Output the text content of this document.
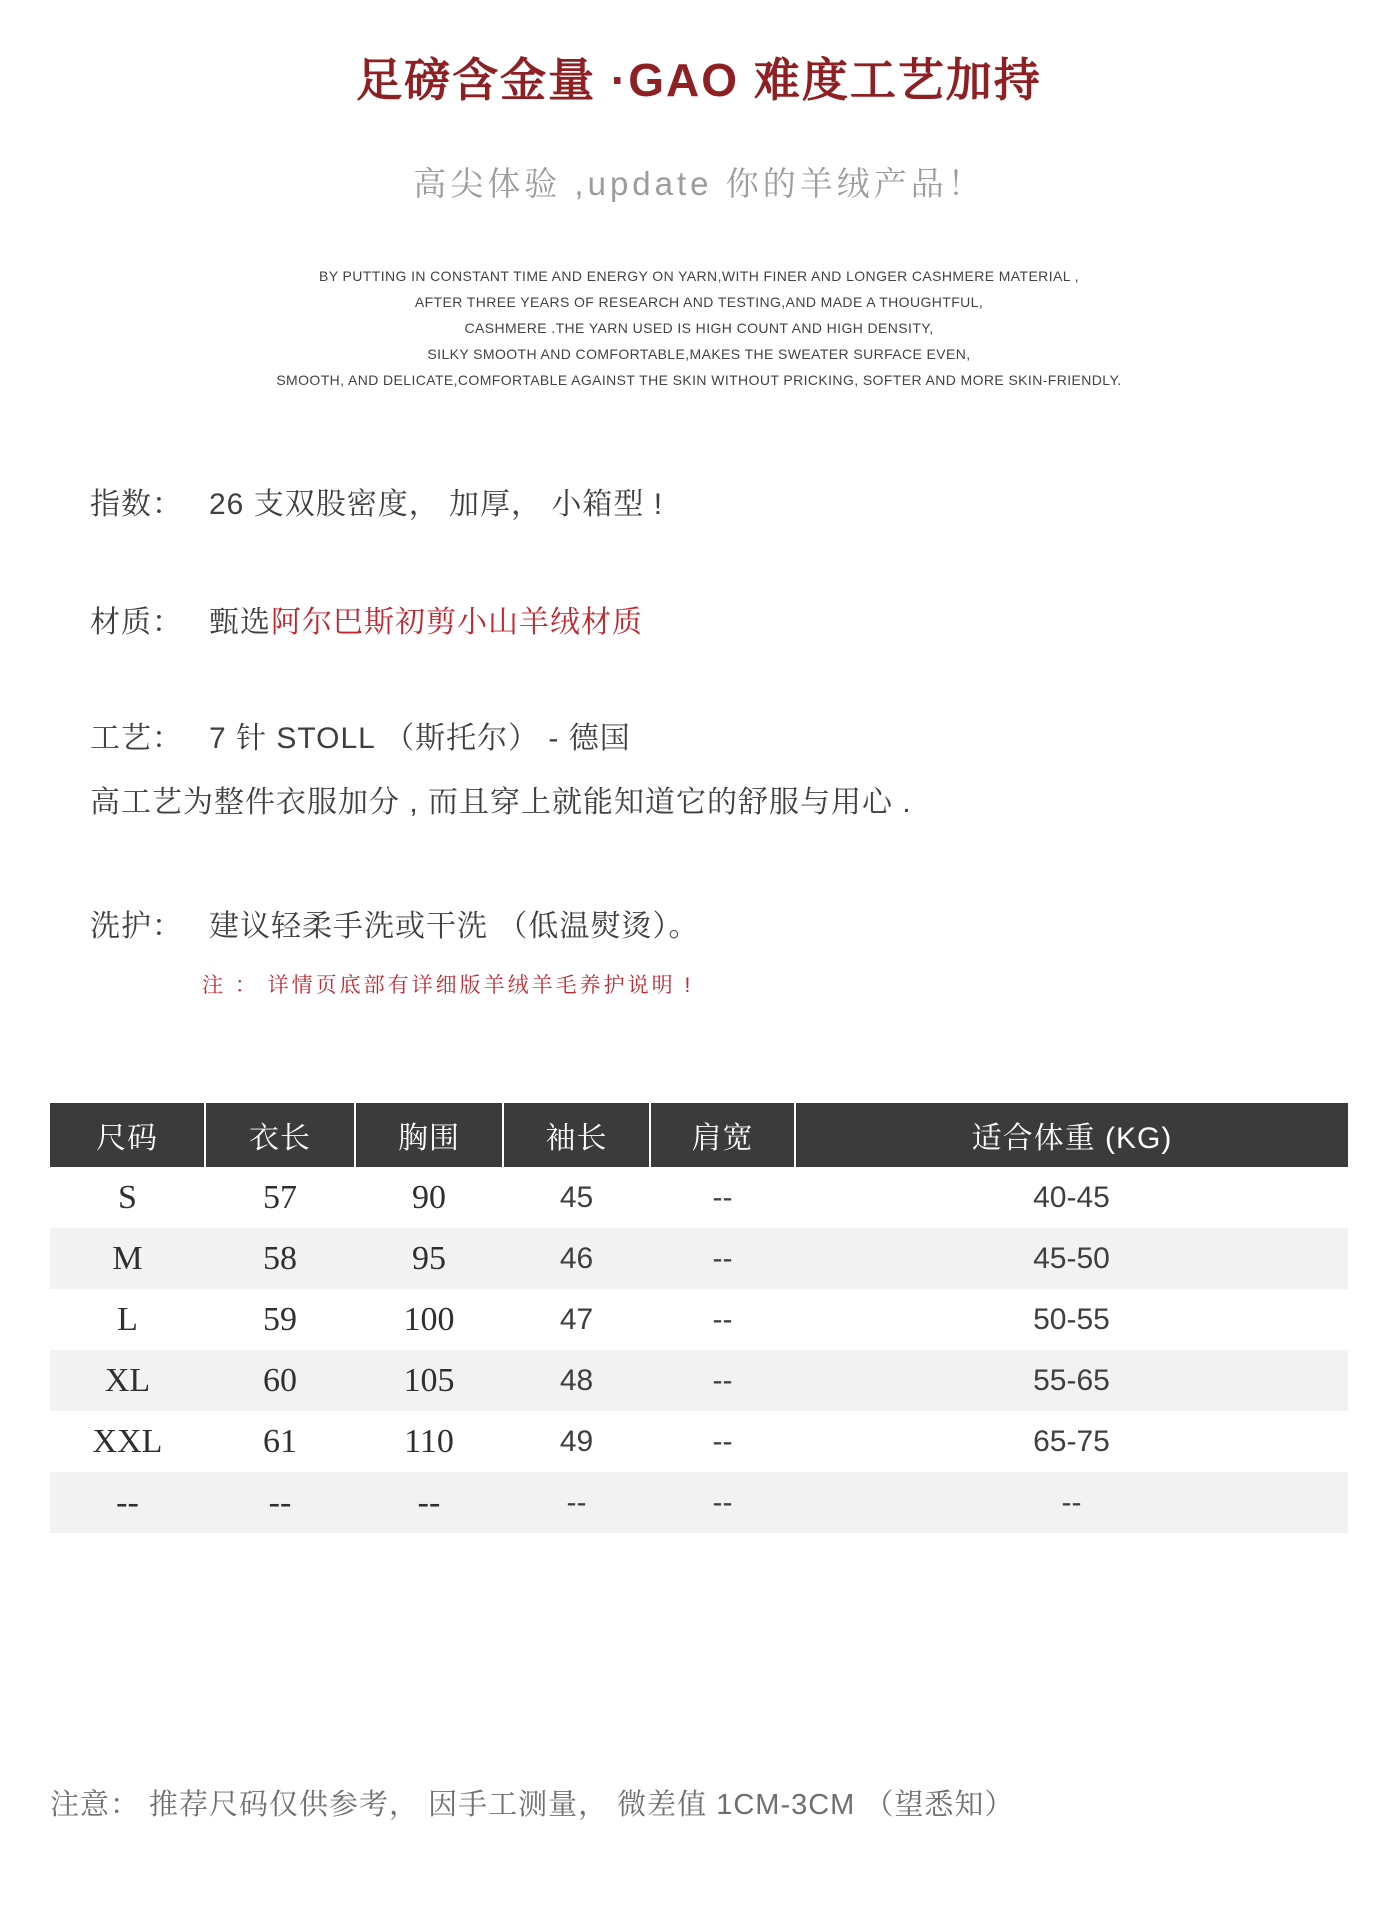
足磅含金量 ·GAO 难度工艺加持
高尖体验 ,update 你的羊绒产品！
BY PUTTING IN CONSTANT TIME AND ENERGY ON YARN,WITH FINER AND LONGER CASHMERE MATERIAL ,
AFTER THREE YEARS OF RESEARCH AND TESTING,AND MADE A THOUGHTFUL,
CASHMERE .THE YARN USED IS HIGH COUNT AND HIGH DENSITY,
SILKY SMOOTH AND COMFORTABLE,MAKES THE SWEATER SURFACE EVEN,
SMOOTH, AND DELICATE,COMFORTABLE AGAINST THE SKIN WITHOUT PRICKING, SOFTER AND MORE SKIN-FRIENDLY.
指数： 26 支双股密度， 加厚， 小箱型 !
材质： 甄选阿尔巴斯初剪小山羊绒材质
工艺： 7 针 STOLL （斯托尔） - 德国
高工艺为整件衣服加分 , 而且穿上就能知道它的舒服与用心 .
洗护： 建议轻柔手洗或干洗 （低温熨烫）。
注 ： 详情页底部有详细版羊绒羊毛养护说明 !
尺码	衣长	胸围	袖长	肩宽	适合体重 (KG)
S	57	90	45	--	40-45
M	58	95	46	--	45-50
L	59	100	47	--	50-55
XL	60	105	48	--	55-65
XXL	61	110	49	--	65-75
--	--	--	--	--	--
注意： 推荐尺码仅供参考， 因手工测量， 微差值 1CM-3CM （望悉知）
